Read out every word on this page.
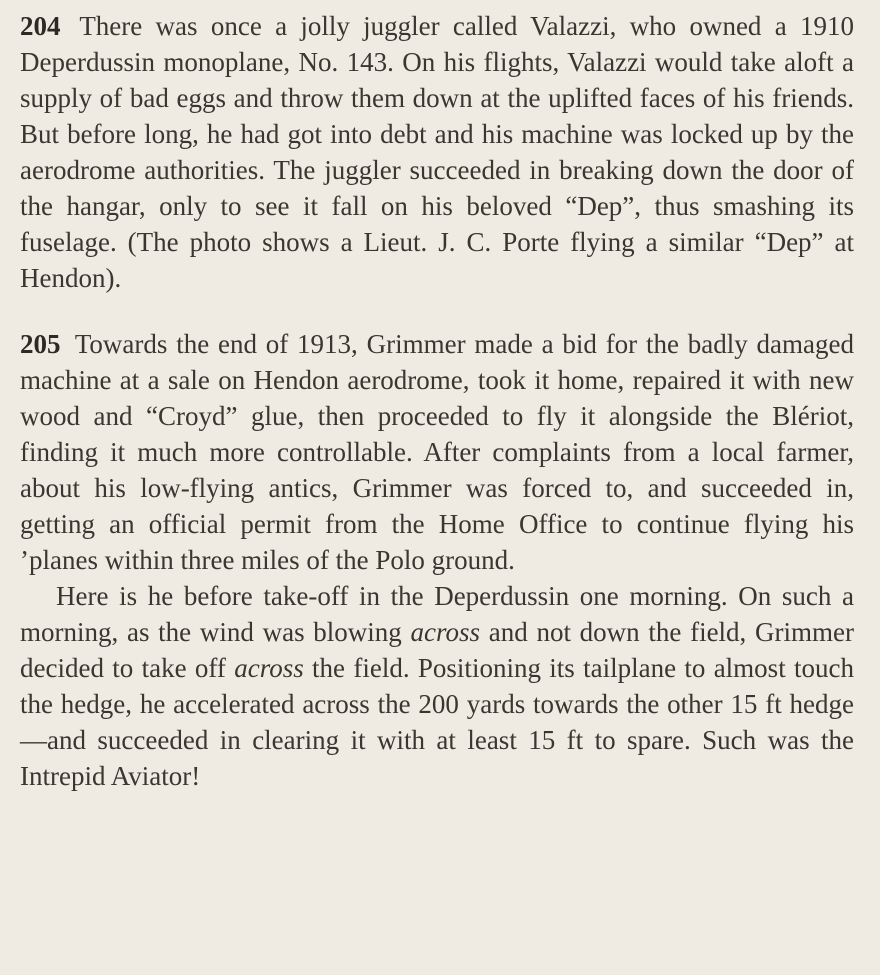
204 There was once a jolly juggler called Valazzi, who owned a 1910 Deperdussin monoplane, No. 143. On his flights, Valazzi would take aloft a supply of bad eggs and throw them down at the uplifted faces of his friends. But before long, he had got into debt and his machine was locked up by the aerodrome authorities. The juggler succeeded in breaking down the door of the hangar, only to see it fall on his beloved “Dep”, thus smashing its fuselage. (The photo shows a Lieut. J. C. Porte flying a similar “Dep” at Hendon).

205 Towards the end of 1913, Grimmer made a bid for the badly damaged machine at a sale on Hendon aerodrome, took it home, repaired it with new wood and “Croyd” glue, then proceeded to fly it alongside the Blériot, finding it much more controllable. After complaints from a local farmer, about his low-flying antics, Grimmer was forced to, and succeeded in, getting an official permit from the Home Office to continue flying his ’planes within three miles of the Polo ground.
Here is he before take-off in the Deperdussin one morning. On such a morning, as the wind was blowing across and not down the field, Grimmer decided to take off across the field. Positioning its tailplane to almost touch the hedge, he accelerated across the 200 yards towards the other 15 ft hedge—and succeeded in clearing it with at least 15 ft to spare. Such was the Intrepid Aviator!
